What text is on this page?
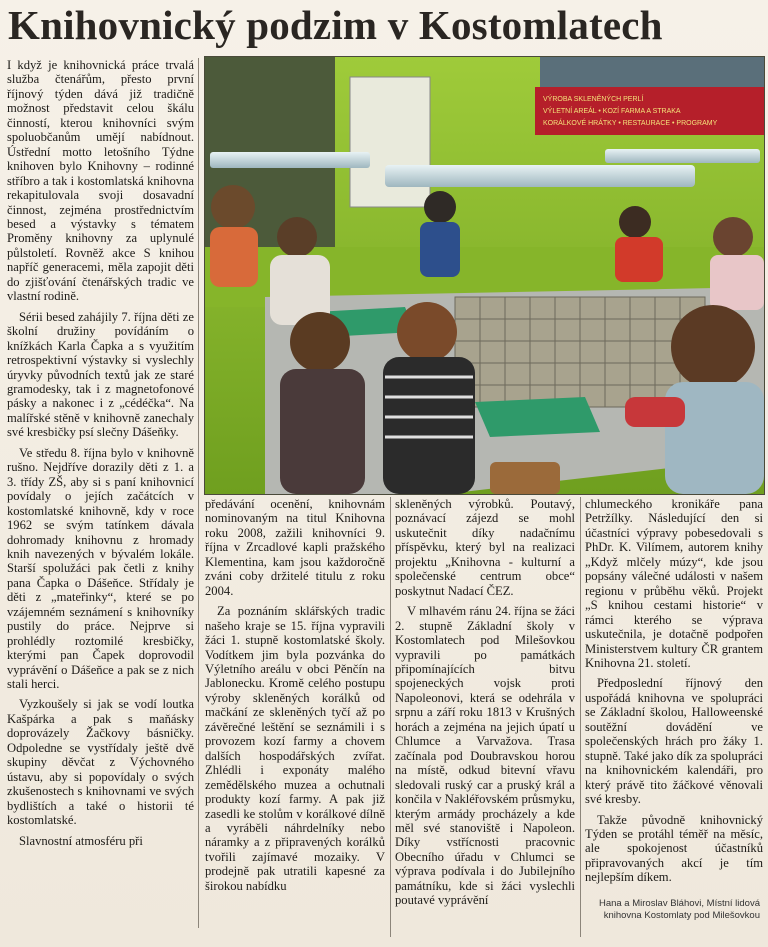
Knihovnický podzim v Kostomlatech

I když je knihovnická práce trvalá služba čtenářům, přesto první říjnový týden dává již tradičně možnost představit celou škálu činností, kterou knihovníci svým spoluobčanům umějí nabídnout. Ústřední motto letošního Týdne knihoven bylo Knihovny – rodinné stříbro a tak i kostomlatská knihovna rekapitulovala svoji dosavadní činnost, zejména prostřednictvím besed a výstavky s tématem Proměny knihovny za uplynulé půlstoletí. Rovněž akce S knihou napříč generacemi, měla zapojit děti do zjišťování čtenářských tradic ve vlastní rodině.

Sérii besed zahájily 7. října děti ze školní družiny povídáním o knížkách Karla Čapka a s využitím retrospektivní výstavky si vyslechly úryvky původních textů jak ze staré gramodesky, tak i z magnetofonové pásky a nakonec i z „cédéčka“. Na malířské stěně v knihovně zanechaly své kresbičky psí slečny Dášeňky.

Ve středu 8. října bylo v knihovně rušno. Nejdříve dorazily děti z 1. a 3. třídy ZŠ, aby si s paní knihovnicí povídaly o jejích začátcích v kostomlatské knihovně, kdy v roce 1962 se svým tatínkem dávala dohromady knihovnu z hromady knih navezených v bývalém lokále. Starší spolužáci pak četli z knihy pana Čapka o Dášeňce. Střídaly je děti z „mateřinky“, které se po vzájemném seznámení s knihovníky pustily do práce. Nejprve si prohlédly roztomilé kresbičky, kterými pan Čapek doprovodil vyprávění o Dášeňce a pak se z nich stali herci.

Vyzkoušely si jak se vodí loutka Kašpárka a pak s maňásky doprovázely Žačkovy básničky. Odpoledne se vystřídaly ještě dvě skupiny děvčat z Výchovného ústavu, aby si popovídaly o svých zkušenostech s knihovnami ve svých bydlištích a také o historii té kostomlatské.

Slavnostní atmosféru při

VÝROBA SKLENĚNÝCH PERLÍ
VÝLETNÍ AREÁL • KOZÍ FARMA A STRAKA
KORÁLKOVÉ HRÁTKY • RESTAURACE • PROGRAMY

předávání ocenění, knihovnám nominovaným na titul Knihovna roku 2008, zažili knihovníci 9. října v Zrcadlové kapli pražského Klementina, kam jsou každoročně zváni coby držitelé titulu z roku 2004.

Za poznáním sklářských tradic našeho kraje se 15. října vypravili žáci 1. stupně kostomlatské školy. Vodítkem jim byla pozvánka do Výletního areálu v obci Pěnčín na Jablonecku. Kromě celého postupu výroby skleněných korálků od mačkání ze skleněných tyčí až po závěrečné leštění se seznámili i s provozem kozí farmy a chovem dalších hospodářských zvířat. Zhlédli i exponáty malého zemědělského muzea a ochutnali produkty kozí farmy. A pak již zasedli ke stolům v korálkové dílně a vyráběli náhrdelníky nebo náramky a z připravených korálků tvořili zajímavé mozaiky. V prodejně pak utratili kapesné za širokou nabídku

skleněných výrobků. Poutavý, poznávací zájezd se mohl uskutečnit díky nadačnímu příspěvku, který byl na realizaci projektu „Knihovna - kulturní a společenské centrum obce“ poskytnut Nadací ČEZ.

V mlhavém ránu 24. října se žáci 2. stupně Základní školy v Kostomlatech pod Milešovkou vypravili po památkách připomínajících bitvu spojeneckých vojsk proti Napoleonovi, která se odehrála v srpnu a září roku 1813 v Krušných horách a zejména na jejich úpatí u Chlumce a Varvažova. Trasa začínala pod Doubravskou horou na místě, odkud bitevní vřavu sledovali ruský car a pruský král a končila v Nakléřovském průsmyku, kterým armády procházely a kde měl své stanoviště i Napoleon. Díky vstřícnosti pracovnic Obecního úřadu v Chlumci se výprava podívala i do Jubilejního památníku, kde si žáci vyslechli poutavé vyprávění

chlumeckého kronikáře pana Petržílky. Následující den si účastníci výpravy pobesedovali s PhDr. K. Vilímem, autorem knihy „Když mlčely múzy“, kde jsou popsány válečné události v našem regionu v průběhu věků. Projekt „S knihou cestami historie“ v rámci kterého se výprava uskutečnila, je dotačně podpořen Ministerstvem kultury ČR grantem Knihovna 21. století.

Předposlední říjnový den uspořádá knihovna ve spolupráci se Základní školou, Halloweenské soutěžní dovádění ve společenských hrách pro žáky 1. stupně. Také jako dík za spolupráci na knihovnickém kalendáři, pro který právě tito žáčkové věnovali své kresby.

Takže původně knihovnický Týden se protáhl téměř na měsíc, ale spokojenost účastníků připravovaných akcí je tím nejlepším díkem.

Hana a Miroslav Bláhovi, Místní lidová knihovna Kostomlaty pod Milešovkou
